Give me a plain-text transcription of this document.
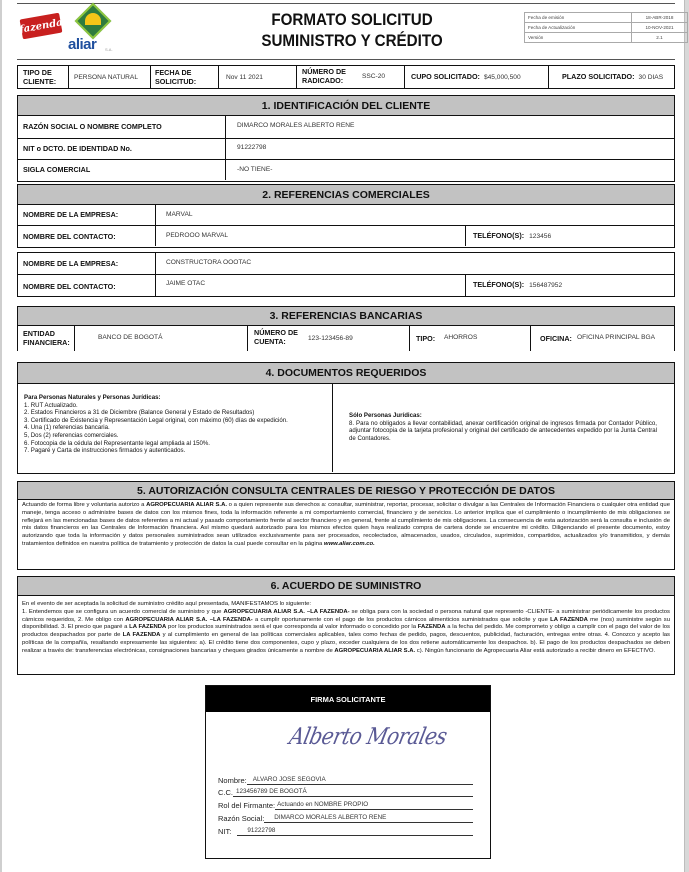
fazenda
aliar S.A.
FORMATO SOLICITUD
SUMINISTRO Y CRÉDITO
Fecha de emisión	18-ABR-2018
Fecha de Actualización	10-NOV-2021
Versión	2.1
TIPO DE CLIENTE:	PERSONA NATURAL
FECHA DE SOLICITUD:	Nov 11 2021
NÚMERO DE RADICADO:	SSC-20	CUPO SOLICITADO: $45,000,500	PLAZO SOLICITADO: 30 DIAS
1. IDENTIFICACIÓN DEL CLIENTE
RAZÓN SOCIAL O NOMBRE COMPLETO	DIMARCO MORALES ALBERTO RENE
NIT o DCTO. DE IDENTIDAD No.	91222798
SIGLA COMERCIAL	-NO TIENE-
2. REFERENCIAS COMERCIALES
NOMBRE DE LA EMPRESA:	MARVAL
NOMBRE DEL CONTACTO:	PEDROOO MARVAL	TELÉFONO(S): 123456
NOMBRE DE LA EMPRESA:	CONSTRUCTORA OOOTAC
NOMBRE DEL CONTACTO:	JAIME OTAC	TELÉFONO(S): 156487952
3. REFERENCIAS BANCARIAS
ENTIDAD FINANCIERA:	BANCO DE BOGOTÁ
NÚMERO DE CUENTA:	123-123456-89	TIPO: AHORROS	OFICINA: OFICINA PRINCIPAL BGA
4. DOCUMENTOS REQUERIDOS
Para Personas Naturales y Personas Jurídicas:
1. RUT Actualizado.
2. Estados Financieros a 31 de Diciembre (Balance General y Estado de Resultados)
3. Certificado de Existencia y Representación Legal original, con máximo (60) días de expedición.
4. Una (1) referencias bancaria.
5, Dos (2) referencias comerciales.
6. Fotocopia de la cédula del Representante legal ampliada al 150%.
7. Pagaré y Carta de instrucciones firmados y autenticados.
Sólo Personas Jurídicas:
8. Para no obligados a llevar contabilidad, anexar certificación original de ingresos firmada por Contador Público, adjuntar fotocopia de la tarjeta profesional y original del certificado de antecedentes expedido por la Junta Central de Contadores.
5. AUTORIZACIÓN CONSULTA CENTRALES DE RIESGO Y PROTECCIÓN DE DATOS

Actuando de forma libre y voluntaria autorizo a AGROPECUARIA ALIAR S.A. o a quien represente sus derechos a: consultar, suministrar, reportar, procesar, solicitar o divulgar a las Centrales de Información Financiera o cualquier otra entidad que maneje, tenga acceso o administre bases de datos con los mismos fines, toda la información referente a mi comportamiento comercial, financiero y de servicios. Lo anterior implica que el cumplimiento o incumplimiento de mis obligaciones se reflejará en las mencionadas bases de datos referentes a mi actual y pasado comportamiento frente al sector financiero y en general, frente al cumplimiento de mis obligaciones. La consecuencia de esta autorización será la consulta e inclusión de mis datos financieros en las Centrales de Información financiera. Así mismo quedará autorizado para los mismos efectos quien haya realizado compra de cartera donde se encuentre mi crédito. Diligenciando el presente documento, estoy autorizando que toda la información y datos personales suministrados sean utilizados exclusivamente para ser procesados, recolectados, almacenados, usados, circulados, suprimidos, compartidos, actualizados y/o transmitidos, y demás tratamientos definidos en nuestra política de tratamiento y protección de datos la cual puede consultar en la página www.aliar.com.co.

6. ACUERDO DE SUMINISTRO

En el evento de ser aceptada la solicitud de suministro crédito aquí presentada, MANIFESTAMOS lo siguiente:

1. Entendemos que se configura un acuerdo comercial de suministro y que AGROPECUARIA ALIAR S.A. –LA FAZENDA- se obliga para con la sociedad o persona natural que represento -CLIENTE- a suministrar periódicamente los productos cárnicos requeridos, 2. Me obligo con AGROPECUARIA ALIAR S.A. –LA FAZENDA- a cumplir oportunamente con el pago de los productos cárnicos alimenticios suministrados que solicite y que LA FAZENDA me (nos) suministre según su disponibilidad. 3. El precio que pagaré a LA FAZENDA por los productos suministrados será el que corresponda al valor informado o concedido por la FAZENDA a la fecha del pedido. Me comprometo y obligo a cumplir con el pago del valor de los productos despachados por parte de LA FAZENDA y al cumplimiento en general de las políticas comerciales aplicables, tales como fechas de pedido, pagos, descuentos, publicidad, facturación, entregas entre otras. 4. Conozco y acepto las políticas de la compañía, resaltando expresamente las siguientes: a). El crédito tiene dos componentes, cupo y plazo, exceder cualquiera de los dos retiene automáticamente los despachos. b). El pago de los productos despachados se deben realizar a través de: transferencias electrónicas, consignaciones bancarias y cheques girados únicamente a nombre de AGROPECUARIA ALIAR S.A. c). Ningún funcionario de Agropecuaria Aliar está autorizado a recibir dinero en EFECTIVO.

FIRMA SOLICITANTE
Alberto Morales
Nombre: ALVARO JOSE SEGOVIA
C.C. 123456789 DE BOGOTÁ
Rol del Firmante: Actuando en NOMBRE PROPIO
Razón Social:	DIMARCO MORALES ALBERTO RENE
NIT:	91222798
